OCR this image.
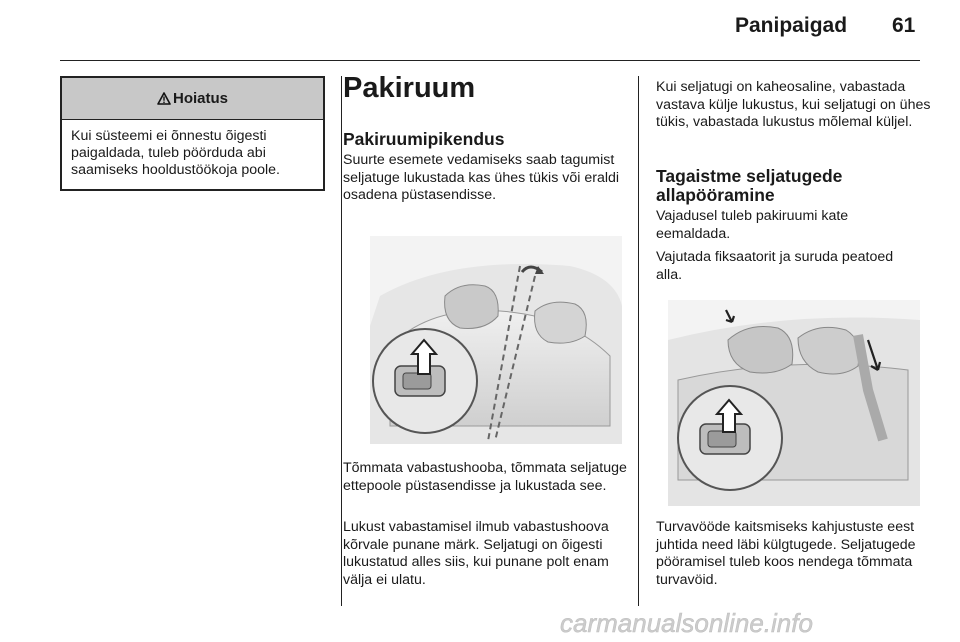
Panipaigad 61
Hoiatus
Kui süsteemi ei õnnestu õigesti paigaldada, tuleb pöörduda abi saamiseks hooldustöökoja poole.
Pakiruum
Pakiruumipikendus
Suurte esemete vedamiseks saab tagumist seljatuge lukustada kas ühes tükis või eraldi osadena püstasendisse.
Tõmmata vabastushooba, tõmmata seljatuge ettepoole püstasendisse ja lukustada see.
Lukust vabastamisel ilmub vabastushoova kõrvale punane märk. Seljatugi on õigesti lukustatud alles siis, kui punane polt enam välja ei ulatu.
Kui seljatugi on kaheosaline, vabastada vastava külje lukustus, kui seljatugi on ühes tükis, vabastada lukustus mõlemal küljel.
Tagaistme seljatugede allapööramine
Vajadusel tuleb pakiruumi kate eemaldada.
Vajutada fiksaatorit ja suruda peatoed alla.
Turvavööde kaitsmiseks kahjustuste eest juhtida need läbi külgtugede. Seljatugede pööramisel tuleb koos nendega tõmmata turvavöid.
carmanualsonline.info
